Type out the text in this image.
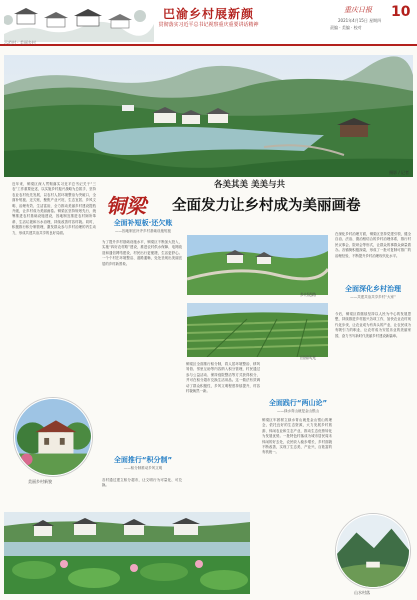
示范村 · 美丽乡村
巴渝乡村展新颜
贯彻落实习近平总书记视察重庆重要讲话精神
重庆日报 10
2021年4月15日 星期四
责编 · 美编 · 校对
摄影 / 记者
各美其美 美美与共
铜梁 全面发力让乡村成为美丽画卷
近年来，铜梁区深入贯彻落实习近平总书记关于“三农”工作重要论述，以实施乡村振兴战略为总抓手，坚持农业农村优先发展，以农村人居环境整治为突破口，全面补短板、还欠账，聚焦产业兴旺、生态宜居、乡风文明、治理有效、生活富裕，全力推动美丽乡村建设提档升级，让乡村成为美丽画卷。铜梁区坚持规划先行，统筹推进农村基础设施建设，因地制宜推进农村厕所革命、生活垃圾和污水治理，持续改善村容村貌。同时，积极推行积分制管理，激发群众参与乡村治理的内生动力，形成共建共治共享的良好局面。
全面补短板·还欠账
——因地制宜补齐乡村基础设施短板
为了提升乡村基础设施水平，铜梁区不断加大投入，实施“四好农村路”建设，推进农村供水保障、电网改造和通信网络建设，村民出行更便捷，生活更舒心。一个个村庄环境整洁、道路通畅，处处呈现出美丽宜居的乡村新景象。
美丽乡村新貌
全面推行“积分制”
——积分制推动乡风文明
各村通过建立积分超市，让文明行为可量化、可兑换。
乡村道路
田园风光
全面践行“两山论”
——绿水青山就是金山银山
铜梁区全面推行积分制，将人居环境整治、移风易俗、邻里互助等内容纳入积分管理，村民通过参与公益活动、保持庭院整洁等方式获得积分，并可在积分超市兑换生活用品。这一做法有效调动了群众积极性，乡风文明程度持续提升，村容村貌焕然一新。
铜梁区牢固树立绿水青山就是金山银山的理念，依托良好的生态资源，大力发展乡村旅游、休闲农业和生态产业，推动生态优势转化为发展优势。一批特色村落成为城市居民周末休闲的好去处，农民收入稳步增长，乡村面貌不断改善，实现了生态美、产业兴、百姓富的有机统一。
全面深化乡村治理
——共建共治共享乡村“大家”
在深化乡村治理方面，铜梁区坚持党建引领，健全自治、法治、德治相结合的乡村治理体系，推行村民议事会、院坝会等形式，让群众的事群众商量着办。各镇街积极探索，形成了一批可复制可推广的治理经验，不断提升乡村治理现代化水平。
今后，铜梁区将继续坚持以人民为中心的发展思想，持续推进乡村振兴各项工作，加快农业农村现代化步伐，让农业成为有奔头的产业，让农民成为有吸引力的职业，让农村成为安居乐业的美丽家园，奋力书写新时代美丽乡村建设新篇章。
山水村落
